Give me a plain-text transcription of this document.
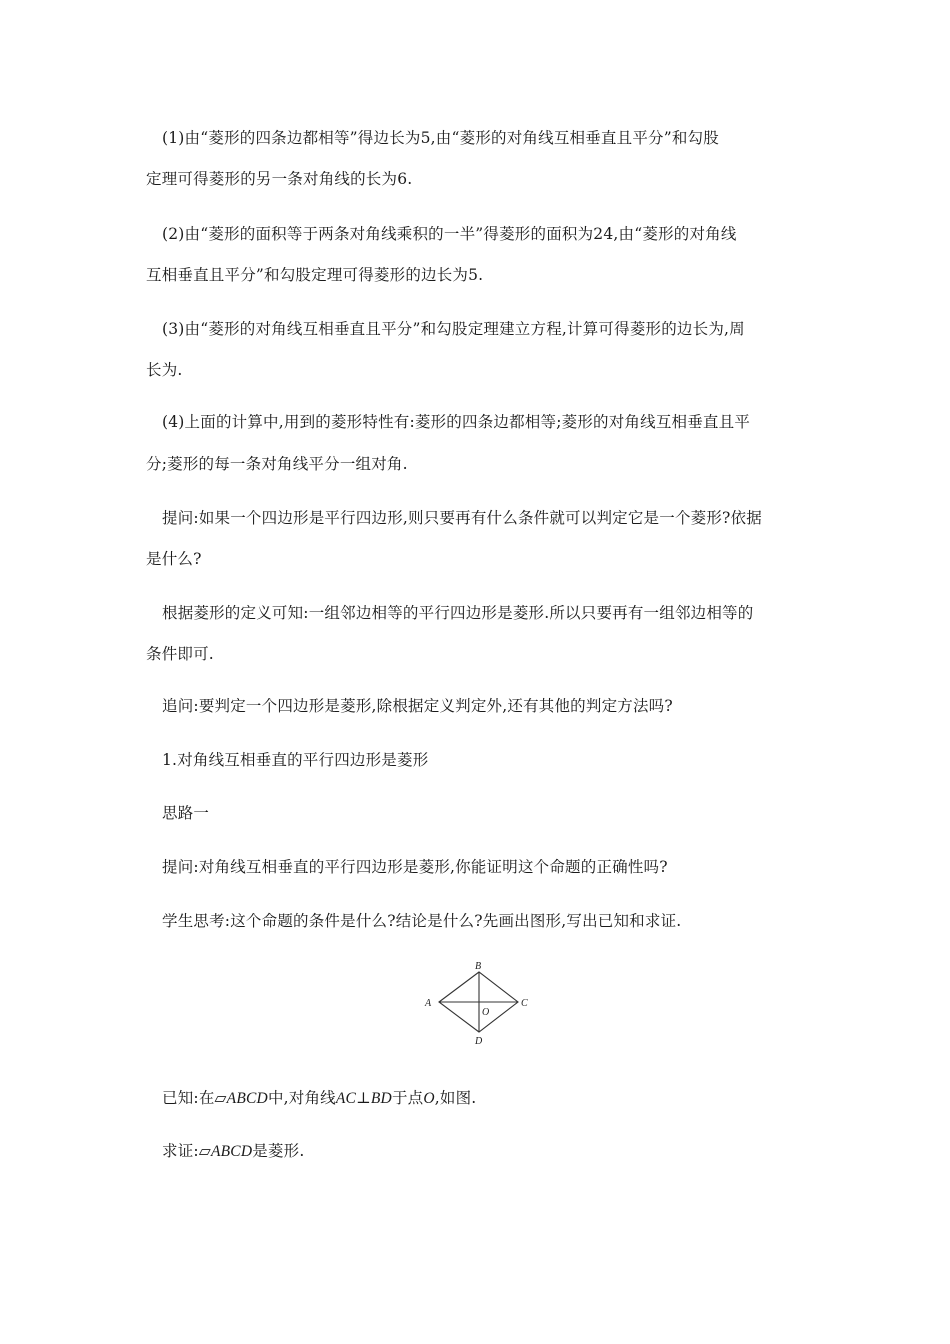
(1)由“菱形的四条边都相等”得边长为5,由“菱形的对角线互相垂直且平分”和勾股
定理可得菱形的另一条对角线的长为6.
(2)由“菱形的面积等于两条对角线乘积的一半”得菱形的面积为24,由“菱形的对角线
互相垂直且平分”和勾股定理可得菱形的边长为5.
(3)由“菱形的对角线互相垂直且平分”和勾股定理建立方程,计算可得菱形的边长为,周
长为.
(4)上面的计算中,用到的菱形特性有:菱形的四条边都相等;菱形的对角线互相垂直且平
分;菱形的每一条对角线平分一组对角.
提问:如果一个四边形是平行四边形,则只要再有什么条件就可以判定它是一个菱形?依据
是什么?
根据菱形的定义可知:一组邻边相等的平行四边形是菱形.所以只要再有一组邻边相等的
条件即可.
追问:要判定一个四边形是菱形,除根据定义判定外,还有其他的判定方法吗?
1.对角线互相垂直的平行四边形是菱形
思路一
提问:对角线互相垂直的平行四边形是菱形,你能证明这个命题的正确性吗?
学生思考:这个命题的条件是什么?结论是什么?先画出图形,写出已知和求证.
B
A	C
O
D
已知:在▱ABCD中,对角线AC⊥BD于点O,如图.
求证:▱ABCD是菱形.
